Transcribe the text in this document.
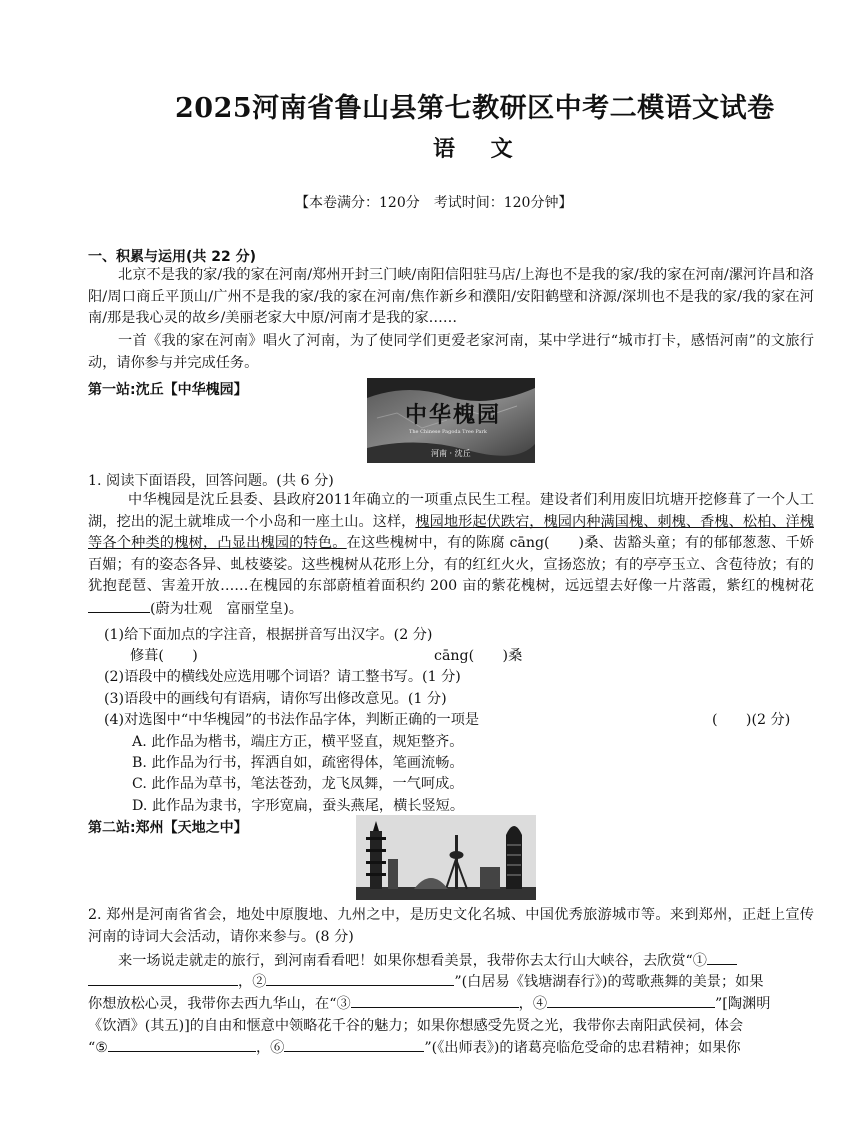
2025河南省鲁山县第七教研区中考二模语文试卷
语 文
【本卷满分：120分　考试时间：120分钟】
一、积累与运用(共 22 分)
北京不是我的家/我的家在河南/郑州开封三门峡/南阳信阳驻马店/上海也不是我的家/我的家在河南/漯河许昌和洛阳/周口商丘平顶山/广州不是我的家/我的家在河南/焦作新乡和濮阳/安阳鹤壁和济源/深圳也不是我的家/我的家在河南/那是我心灵的故乡/美丽老家大中原/河南才是我的家……
一首《我的家在河南》唱火了河南，为了使同学们更爱老家河南，某中学进行“城市打卡，感悟河南”的文旅行动，请你参与并完成任务。
第一站:沈丘【中华槐园】
中华槐园
The Chinese Pagoda Tree Park
河南 · 沈丘
1. 阅读下面语段，回答问题。(共 6 分)
中华槐园是沈丘县委、县政府2011年确立的一项重点民生工程。建设者们利用废旧坑塘开挖修葺了一个人工湖，挖出的泥土就堆成一个小岛和一座土山。这样，槐园地形起伏跌宕，槐园内种满国槐、刺槐、香槐、松柏、洋槐等各个种类的槐树，凸显出槐园的特色。在这些槐树中，有的陈腐 cāng(　　)桑、齿豁头童；有的郁郁葱葱、千娇百媚；有的姿态各异、虬枝婆娑。这些槐树从花形上分，有的红红火火，宣扬恣放；有的亭亭玉立、含苞待放；有的犹抱琵琶、害羞开放……在槐园的东部蔚植着面积约 200 亩的紫花槐树，远远望去好像一片落霞，紫红的槐树花(蔚为壮观　富丽堂皇)。
(1)给下面加点的字注音，根据拼音写出汉字。(2 分)
修葺(　　)	cāng(　　)桑
(2)语段中的横线处应选用哪个词语？请工整书写。(1 分)
(3)语段中的画线句有语病，请你写出修改意见。(1 分)
(4)对选图中“中华槐园”的书法作品字体，判断正确的一项是	(　　)(2 分)
A. 此作品为楷书，端庄方正，横平竖直，规矩整齐。
B. 此作品为行书，挥洒自如，疏密得体，笔画流畅。
C. 此作品为草书，笔法苍劲，龙飞凤舞，一气呵成。
D. 此作品为隶书，字形宽扁，蚕头燕尾，横长竖短。
第二站:郑州【天地之中】
2. 郑州是河南省省会，地处中原腹地、九州之中，是历史文化名城、中国优秀旅游城市等。来到郑州，正赶上宣传河南的诗词大会活动，请你来参与。(8 分)
来一场说走就走的旅行，到河南看看吧！如果你想看美景，我带你去太行山大峡谷，去欣赏“①
，②	”(白居易《钱塘湖春行》)的莺歌燕舞的美景；如果
你想放松心灵，我带你去西九华山，在“③	，④	”[陶渊明
《饮酒》(其五)]的自由和惬意中领略花千谷的魅力；如果你想感受先贤之光，我带你去南阳武侯祠，体会
“⑤	，⑥	”(《出师表》)的诸葛亮临危受命的忠君精神；如果你
